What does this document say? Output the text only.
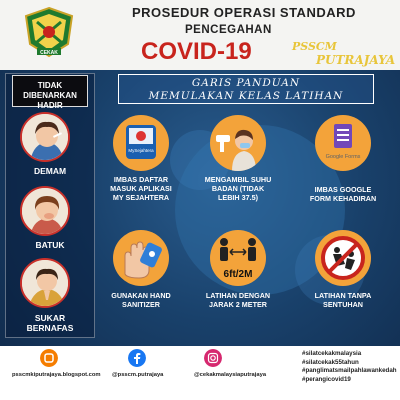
CEKAK
PROSEDUR OPERASI STANDARD
PENCEGAHAN
COVID-19	PSSCM
PUTRAJAYA
TIDAK
DIBENARKAN
HADIR
DEMAM
BATUK
SUKAR
BERNAFAS
GARIS PANDUAN
MEMULAKAN KELAS LATIHAN
MySejahtera
IMBAS DAFTAR
MASUK APLIKASI
MY SEJAHTERA
MENGAMBIL SUHU
BADAN (TIDAK
LEBIH 37.5)
Google Forms
IMBAS GOOGLE
FORM KEHADIRAN
GUNAKAN HAND
SANITIZER
6ft/2M
LATIHAN DENGAN
JARAK 2 METER
LATIHAN TANPA
SENTUHAN
psscmkiputrajaya.blogspot.com @psscm.putrajaya	@cekakmalaysiaputrajaya
#silatcekakmalaysia
#silatcekak55tahun
#panglimatsmailpahlawankedah
#perangicovid19
